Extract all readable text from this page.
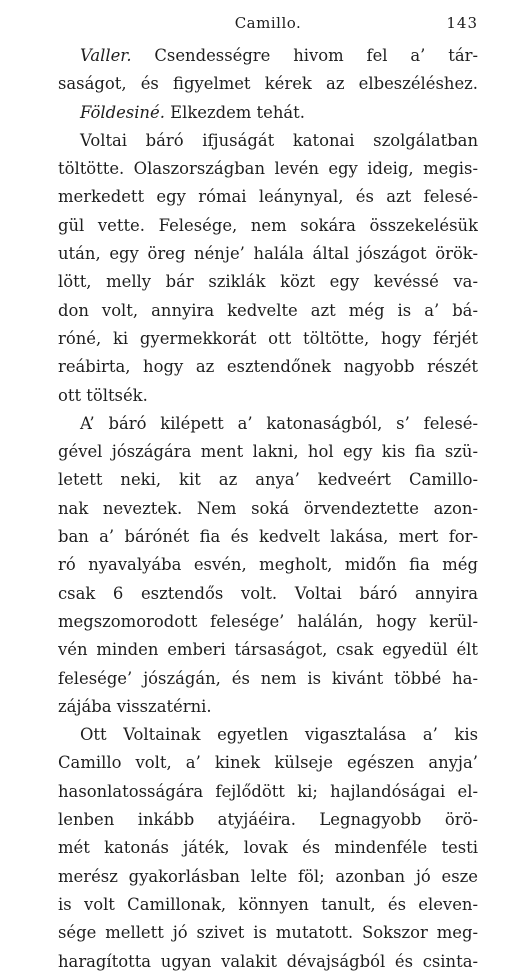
Camillo.	143
Valler. Csendességre hivom fel a’ tár-
saságot, és figyelmet kérek az elbeszéléshez.
Földesiné. Elkezdem tehát.
Voltai báró ifjuságát katonai szolgálatban
töltötte. Olaszországban levén egy ideig, megis-
merkedett egy római leánynyal, és azt felesé-
gül vette. Felesége, nem sokára összekelésük
után, egy öreg nénje’ halála által jószágot örök-
lött, melly bár sziklák közt egy kevéssé va-
don volt, annyira kedvelte azt még is a’ bá-
róné, ki gyermekkorát ott töltötte, hogy férjét
reábirta, hogy az esztendőnek nagyobb részét
ott töltsék.
A’ báró kilépett a’ katonaságból, s’ felesé-
gével jószágára ment lakni, hol egy kis fia szü-
letett neki, kit az anya’ kedveért Camillo-
nak neveztek. Nem soká örvendeztette azon-
ban a’ bárónét fia és kedvelt lakása, mert for-
ró nyavalyába esvén, megholt, midőn fia még
csak 6 esztendős volt. Voltai báró annyira
megszomorodott felesége’ halálán, hogy kerül-
vén minden emberi társaságot, csak egyedül élt
felesége’ jószágán, és nem is kivánt többé ha-
zájába visszatérni.
Ott Voltainak egyetlen vigasztalása a’ kis
Camillo volt, a’ kinek külseje egészen anyja’
hasonlatosságára fejlődött ki; hajlandóságai el-
lenben inkább atyjáéira. Legnagyobb örö-
mét katonás játék, lovak és mindenféle testi
merész gyakorlásban lelte föl; azonban jó esze
is volt Camillonak, könnyen tanult, és eleven-
sége mellett jó szivet is mutatott. Sokszor meg-
haragította ugyan valakit dévajságból és csinta-
